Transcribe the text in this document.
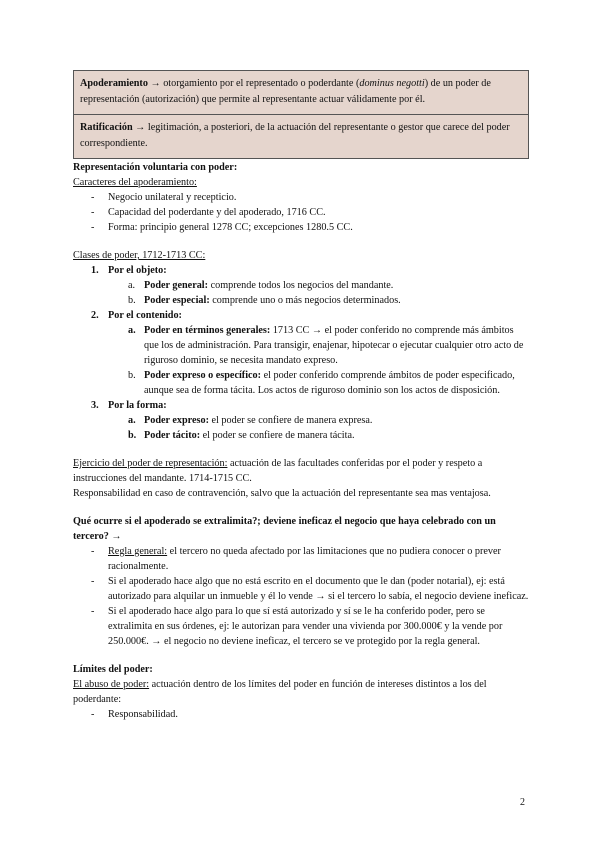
Apoderamiento → otorgamiento por el representado o poderdante (dominus negotti) de un poder de representación (autorización) que permite al representante actuar válidamente por él.
Ratificación → legitimación, a posteriori, de la actuación del representante o gestor que carece del poder correspondiente.
Representación voluntaria con poder:
Caracteres del apoderamiento:
- Negocio unilateral y recepticio.
- Capacidad del poderdante y del apoderado, 1716 CC.
- Forma: principio general 1278 CC; excepciones 1280.5 CC.
Clases de poder, 1712-1713 CC:
1. Por el objeto:
a. Poder general: comprende todos los negocios del mandante.
b. Poder especial: comprende uno o más negocios determinados.
2. Por el contenido:
a. Poder en términos generales: 1713 CC → el poder conferido no comprende más ámbitos que los de administración. Para transigir, enajenar, hipotecar o ejecutar cualquier otro acto de riguroso dominio, se necesita mandato expreso.
b. Poder expreso o específico: el poder conferido comprende ámbitos de poder especificado, aunque sea de forma tácita. Los actos de riguroso dominio son los actos de disposición.
3. Por la forma:
a. Poder expreso: el poder se confiere de manera expresa.
b. Poder tácito: el poder se confiere de manera tácita.
Ejercicio del poder de representación: actuación de las facultades conferidas por el poder y respeto a instrucciones del mandante. 1714-1715 CC.
Responsabilidad en caso de contravención, salvo que la actuación del representante sea mas ventajosa.
Qué ocurre si el apoderado se extralimita?; deviene ineficaz el negocio que haya celebrado con un tercero? →
- Regla general: el tercero no queda afectado por las limitaciones que no pudiera conocer o prever racionalmente.
- Si el apoderado hace algo que no está escrito en el documento que le dan (poder notarial), ej: está autorizado para alquilar un inmueble y él lo vende → si el tercero lo sabía, el negocio deviene ineficaz.
- Si el apoderado hace algo para lo que sí está autorizado y sí se le ha conferido poder, pero se extralimita en sus órdenes, ej: le autorizan para vender una vivienda por 300.000€ y la vende por 250.000€. → el negocio no deviene ineficaz, el tercero se ve protegido por la regla general.
Límites del poder:
El abuso de poder: actuación dentro de los límites del poder en función de intereses distintos a los del poderdante:
- Responsabilidad.
2
